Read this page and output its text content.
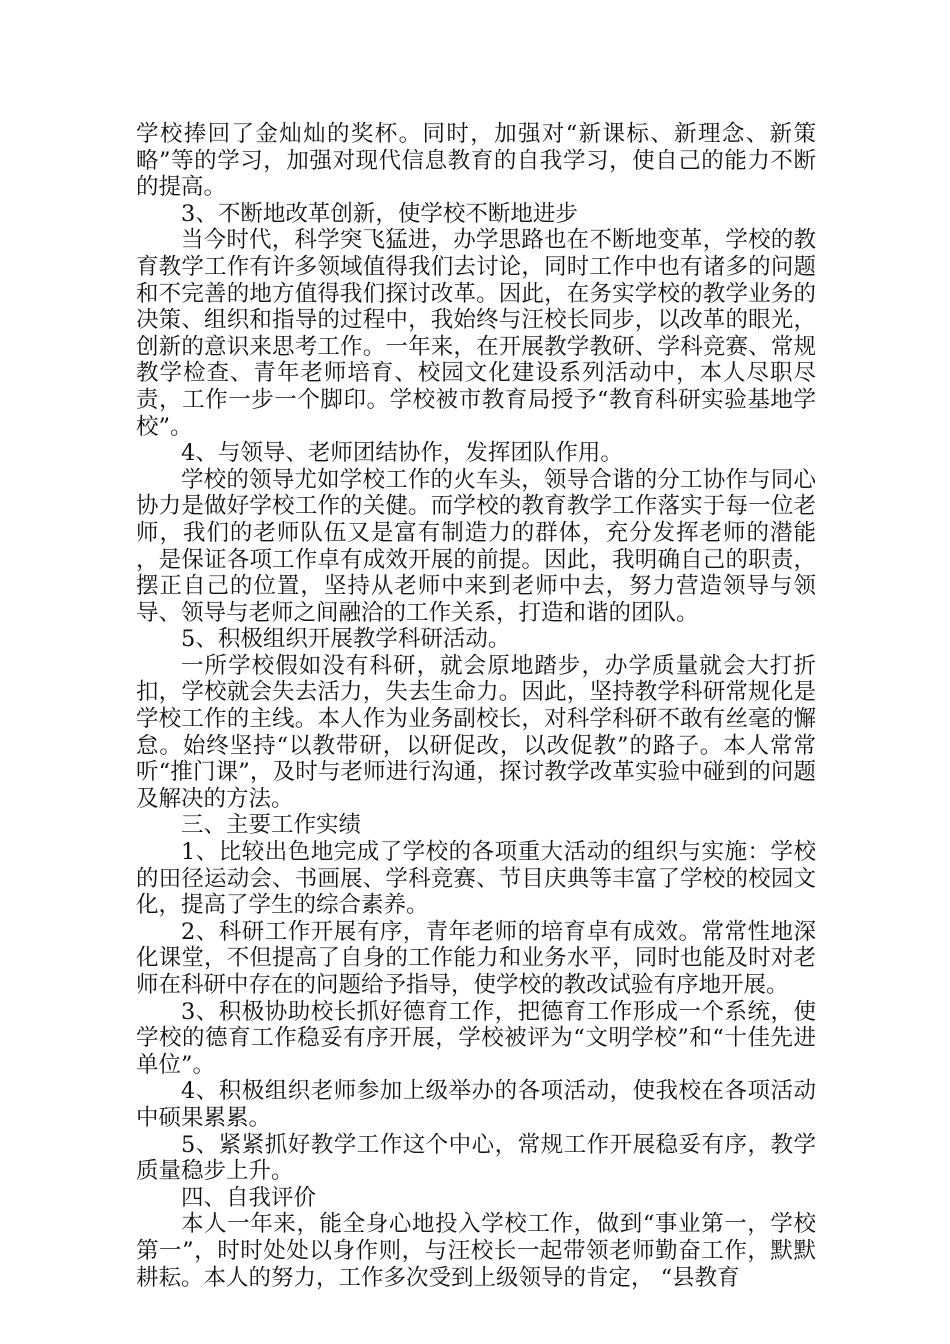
学校捧回了金灿灿的奖杯。同时，加强对“新课标、新理念、新策略”等的学习，加强对现代信息教育的自我学习，使自己的能力不断的提高。

3、不断地改革创新，使学校不断地进步

当今时代，科学突飞猛进，办学思路也在不断地变革，学校的教育教学工作有许多领域值得我们去讨论，同时工作中也有诸多的问题和不完善的地方值得我们探讨改革。因此，在务实学校的教学业务的决策、组织和指导的过程中，我始终与汪校长同步，以改革的眼光，创新的意识来思考工作。一年来，在开展教学教研、学科竞赛、常规教学检查、青年老师培育、校园文化建设系列活动中，本人尽职尽责，工作一步一个脚印。学校被市教育局授予“教育科研实验基地学校”。

4、与领导、老师团结协作，发挥团队作用。

学校的领导尤如学校工作的火车头，领导合谐的分工协作与同心协力是做好学校工作的关健。而学校的教育教学工作落实于每一位老师，我们的老师队伍又是富有制造力的群体，充分发挥老师的潜能 ，是保证各项工作卓有成效开展的前提。因此，我明确自己的职责，摆正自己的位置，坚持从老师中来到老师中去，努力营造领导与领导、领导与老师之间融洽的工作关系，打造和谐的团队。

5、积极组织开展教学科研活动。

一所学校假如没有科研，就会原地踏步，办学质量就会大打折扣，学校就会失去活力，失去生命力。因此，坚持教学科研常规化是学校工作的主线。本人作为业务副校长，对科学科研不敢有丝毫的懈怠。始终坚持“以教带研，以研促改，以改促教”的路子。本人常常听“推门课”，及时与老师进行沟通，探讨教学改革实验中碰到的问题及解决的方法。

三、主要工作实绩

1、比较出色地完成了学校的各项重大活动的组织与实施：学校的田径运动会、书画展、学科竞赛、节目庆典等丰富了学校的校园文化，提高了学生的综合素养。

2、科研工作开展有序，青年老师的培育卓有成效。常常性地深化课堂，不但提高了自身的工作能力和业务水平，同时也能及时对老师在科研中存在的问题给予指导，使学校的教改试验有序地开展。

3、积极协助校长抓好德育工作，把德育工作形成一个系统，使学校的德育工作稳妥有序开展，学校被评为“文明学校”和“十佳先进单位”。

4、积极组织老师参加上级举办的各项活动，使我校在各项活动中硕果累累。

5、紧紧抓好教学工作这个中心，常规工作开展稳妥有序，教学质量稳步上升。

四、自我评价

本人一年来，能全身心地投入学校工作，做到“事业第一，学校第一”，时时处处以身作则，与汪校长一起带领老师勤奋工作，默默耕耘。本人的努力，工作多次受到上级领导的肯定， “县教育
